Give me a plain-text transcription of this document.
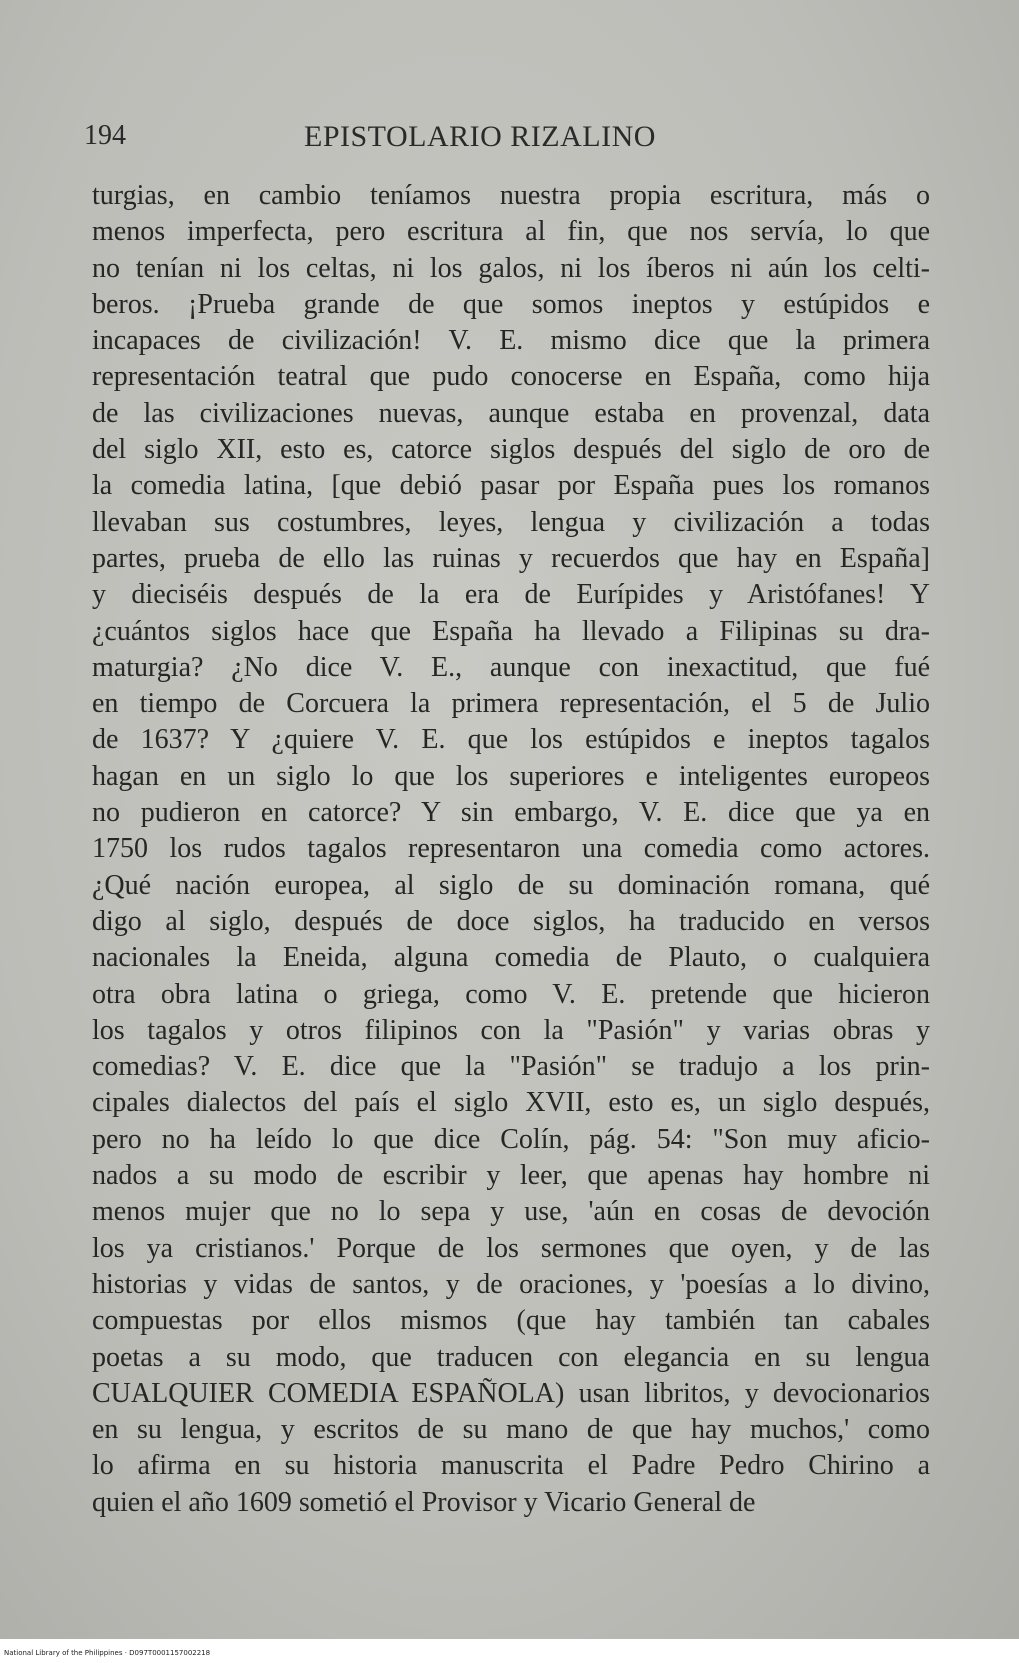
194	EPISTOLARIO RIZALINO
turgias, en cambio teníamos nuestra propia escritura, más o
menos imperfecta, pero escritura al fin, que nos servía, lo que
no tenían ni los celtas, ni los galos, ni los íberos ni aún los celti-
beros. ¡Prueba grande de que somos ineptos y estúpidos e
incapaces de civilización! V. E. mismo dice que la primera
representación teatral que pudo conocerse en España, como hija
de las civilizaciones nuevas, aunque estaba en provenzal, data
del siglo XII, esto es, catorce siglos después del siglo de oro de
la comedia latina, [que debió pasar por España pues los romanos
llevaban sus costumbres, leyes, lengua y civilización a todas
partes, prueba de ello las ruinas y recuerdos que hay en España]
y dieciséis después de la era de Eurípides y Aristófanes! Y
¿cuántos siglos hace que España ha llevado a Filipinas su dra-
maturgia? ¿No dice V. E., aunque con inexactitud, que fué
en tiempo de Corcuera la primera representación, el 5 de Julio
de 1637? Y ¿quiere V. E. que los estúpidos e ineptos tagalos
hagan en un siglo lo que los superiores e inteligentes europeos
no pudieron en catorce? Y sin embargo, V. E. dice que ya en
1750 los rudos tagalos representaron una comedia como actores.
¿Qué nación europea, al siglo de su dominación romana, qué
digo al siglo, después de doce siglos, ha traducido en versos
nacionales la Eneida, alguna comedia de Plauto, o cualquiera
otra obra latina o griega, como V. E. pretende que hicieron
los tagalos y otros filipinos con la "Pasión" y varias obras y
comedias? V. E. dice que la "Pasión" se tradujo a los prin-
cipales dialectos del país el siglo XVII, esto es, un siglo después,
pero no ha leído lo que dice Colín, pág. 54: "Son muy aficio-
nados a su modo de escribir y leer, que apenas hay hombre ni
menos mujer que no lo sepa y use, 'aún en cosas de devoción
los ya cristianos.' Porque de los sermones que oyen, y de las
historias y vidas de santos, y de oraciones, y 'poesías a lo divino,
compuestas por ellos mismos (que hay también tan cabales
poetas a su modo, que traducen con elegancia en su lengua
CUALQUIER COMEDIA ESPAÑOLA) usan libritos, y devocionarios
en su lengua, y escritos de su mano de que hay muchos,' como
lo afirma en su historia manuscrita el Padre Pedro Chirino a
quien el año 1609 sometió el Provisor y Vicario General de
National Library of the Philippines · D097T0001157002218
